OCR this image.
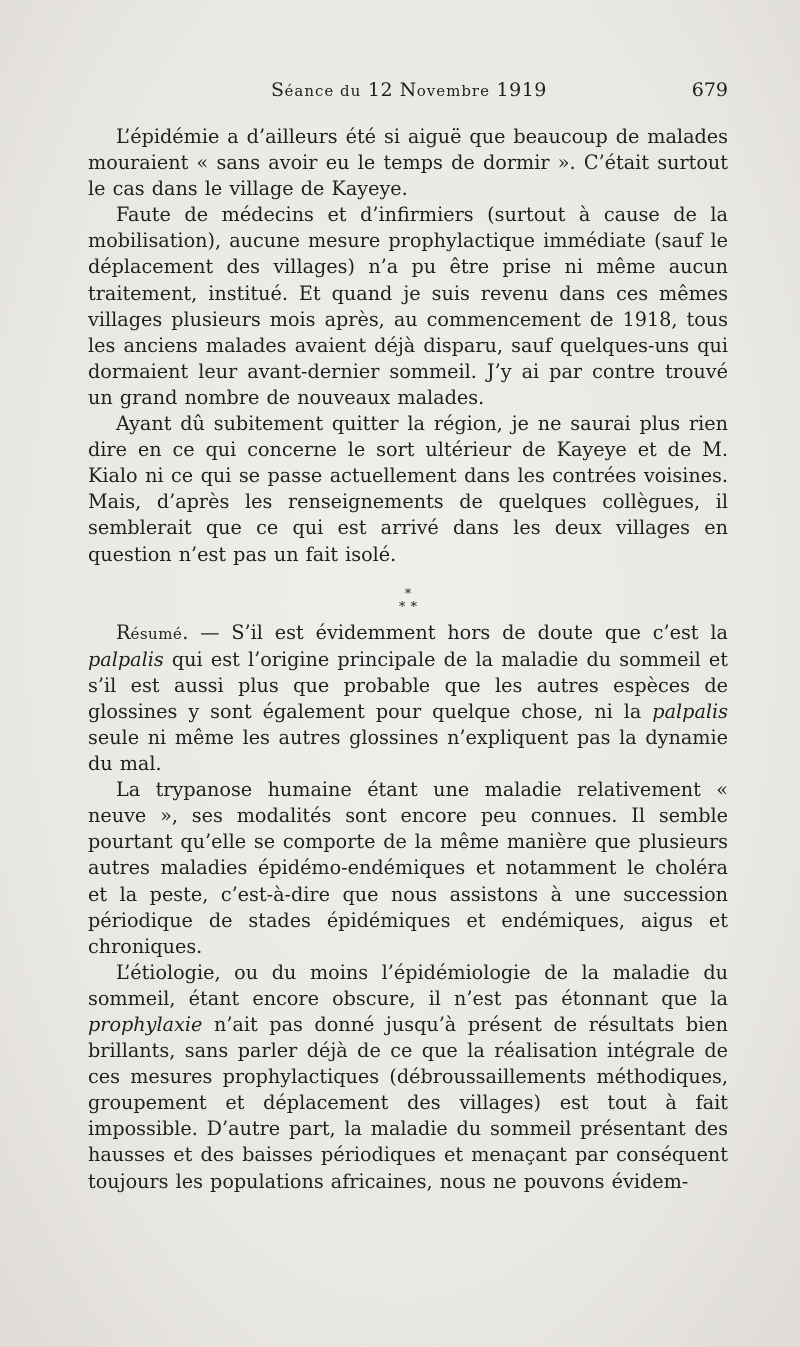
Séance du 12 Novembre 1919	679

L’épidémie a d’ailleurs été si aiguë que beaucoup de malades mouraient « sans avoir eu le temps de dormir ». C’était surtout le cas dans le village de Kayeye.

Faute de médecins et d’infirmiers (surtout à cause de la mobilisation), aucune mesure prophylactique immédiate (sauf le déplacement des villages) n’a pu être prise ni même aucun traitement, institué. Et quand je suis revenu dans ces mêmes villages plusieurs mois après, au commencement de 1918, tous les anciens malades avaient déjà disparu, sauf quelques-uns qui dormaient leur avant-dernier sommeil. J’y ai par contre trouvé un grand nombre de nouveaux malades.

Ayant dû subitement quitter la région, je ne saurai plus rien dire en ce qui concerne le sort ultérieur de Kayeye et de M. Kialo ni ce qui se passe actuellement dans les contrées voisines. Mais, d’après les renseignements de quelques collègues, il semblerait que ce qui est arrivé dans les deux villages en question n’est pas un fait isolé.

*
* *

Résumé. — S’il est évidemment hors de doute que c’est la palpalis qui est l’origine principale de la maladie du sommeil et s’il est aussi plus que probable que les autres espèces de glossines y sont également pour quelque chose, ni la palpalis seule ni même les autres glossines n’expliquent pas la dynamie du mal.

La trypanose humaine étant une maladie relativement « neuve », ses modalités sont encore peu connues. Il semble pourtant qu’elle se comporte de la même manière que plusieurs autres maladies épidémo-endémiques et notamment le choléra et la peste, c’est-à-dire que nous assistons à une succession périodique de stades épidémiques et endémiques, aigus et chroniques.

L’étiologie, ou du moins l’épidémiologie de la maladie du sommeil, étant encore obscure, il n’est pas étonnant que la prophylaxie n’ait pas donné jusqu’à présent de résultats bien brillants, sans parler déjà de ce que la réalisation intégrale de ces mesures prophylactiques (débroussaillements méthodiques, groupement et déplacement des villages) est tout à fait impossible. D’autre part, la maladie du sommeil présentant des hausses et des baisses périodiques et menaçant par conséquent toujours les populations africaines, nous ne pouvons évidem-
